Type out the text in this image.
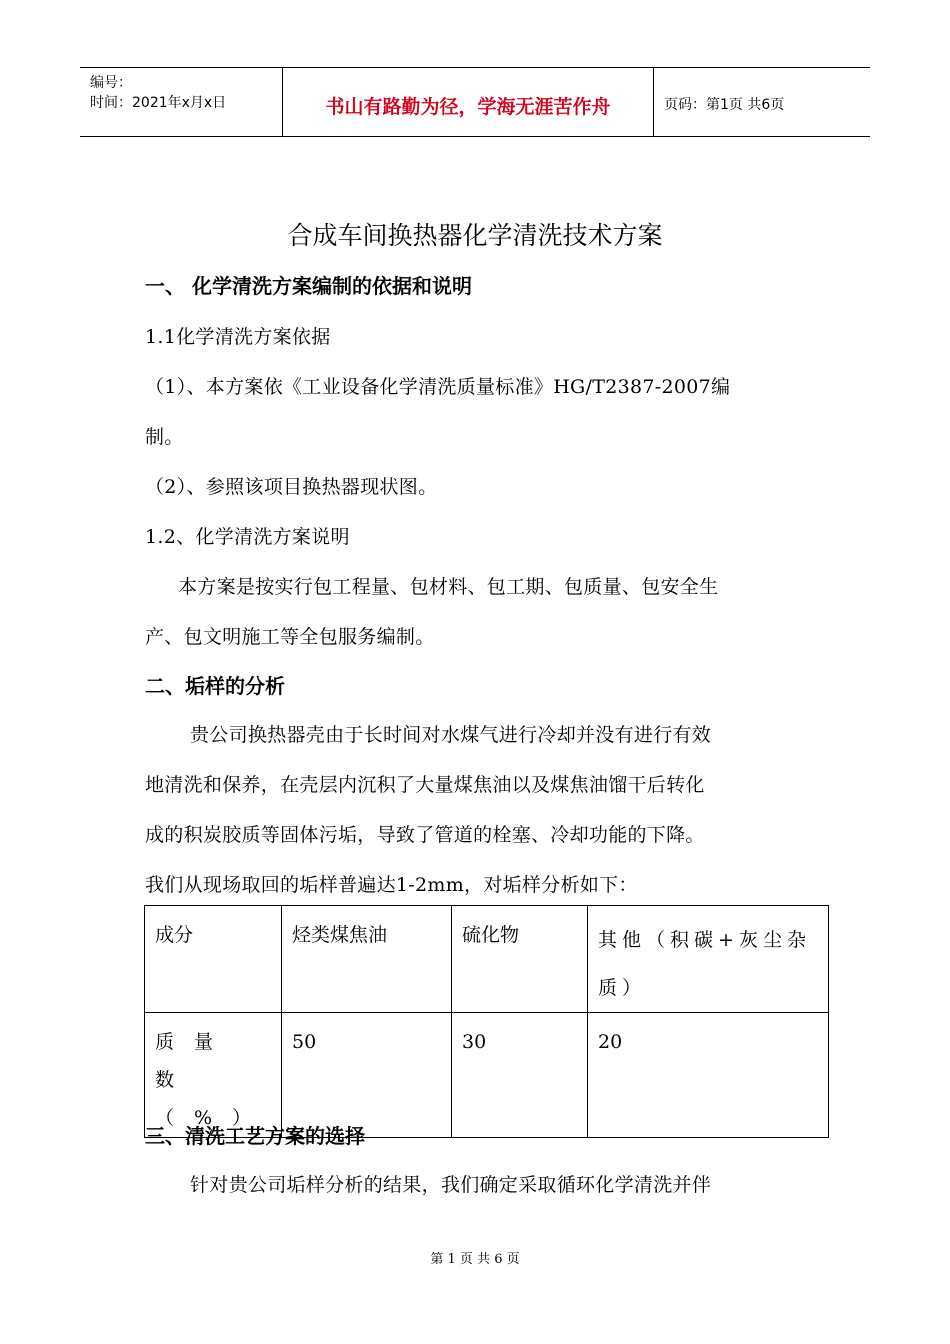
编号：
时间：2021年x月x日	书山有路勤为径，学海无涯苦作舟	页码：第1页 共6页
合成车间换热器化学清洗技术方案
一、 化学清洗方案编制的依据和说明
1.1化学清洗方案依据
（1）、本方案依《工业设备化学清洗质量标准》HG/T2387-2007编
制。
（2）、参照该项目换热器现状图。
1.2、化学清洗方案说明
本方案是按实行包工程量、包材料、包工期、包质量、包安全生
产、包文明施工等全包服务编制。
二、垢样的分析
贵公司换热器壳由于长时间对水煤气进行冷却并没有进行有效
地清洗和保养，在壳层内沉积了大量煤焦油以及煤焦油馏干后转化
成的积炭胶质等固体污垢，导致了管道的栓塞、冷却功能的下降。
我们从现场取回的垢样普遍达1-2mm，对垢样分析如下：
成分	烃类煤焦油	硫化物	其他（积碳+灰尘杂质）

质量数（%）	50	30	20
三、清洗工艺方案的选择
针对贵公司垢样分析的结果，我们确定采取循环化学清洗并伴
第 1 页 共 6 页
